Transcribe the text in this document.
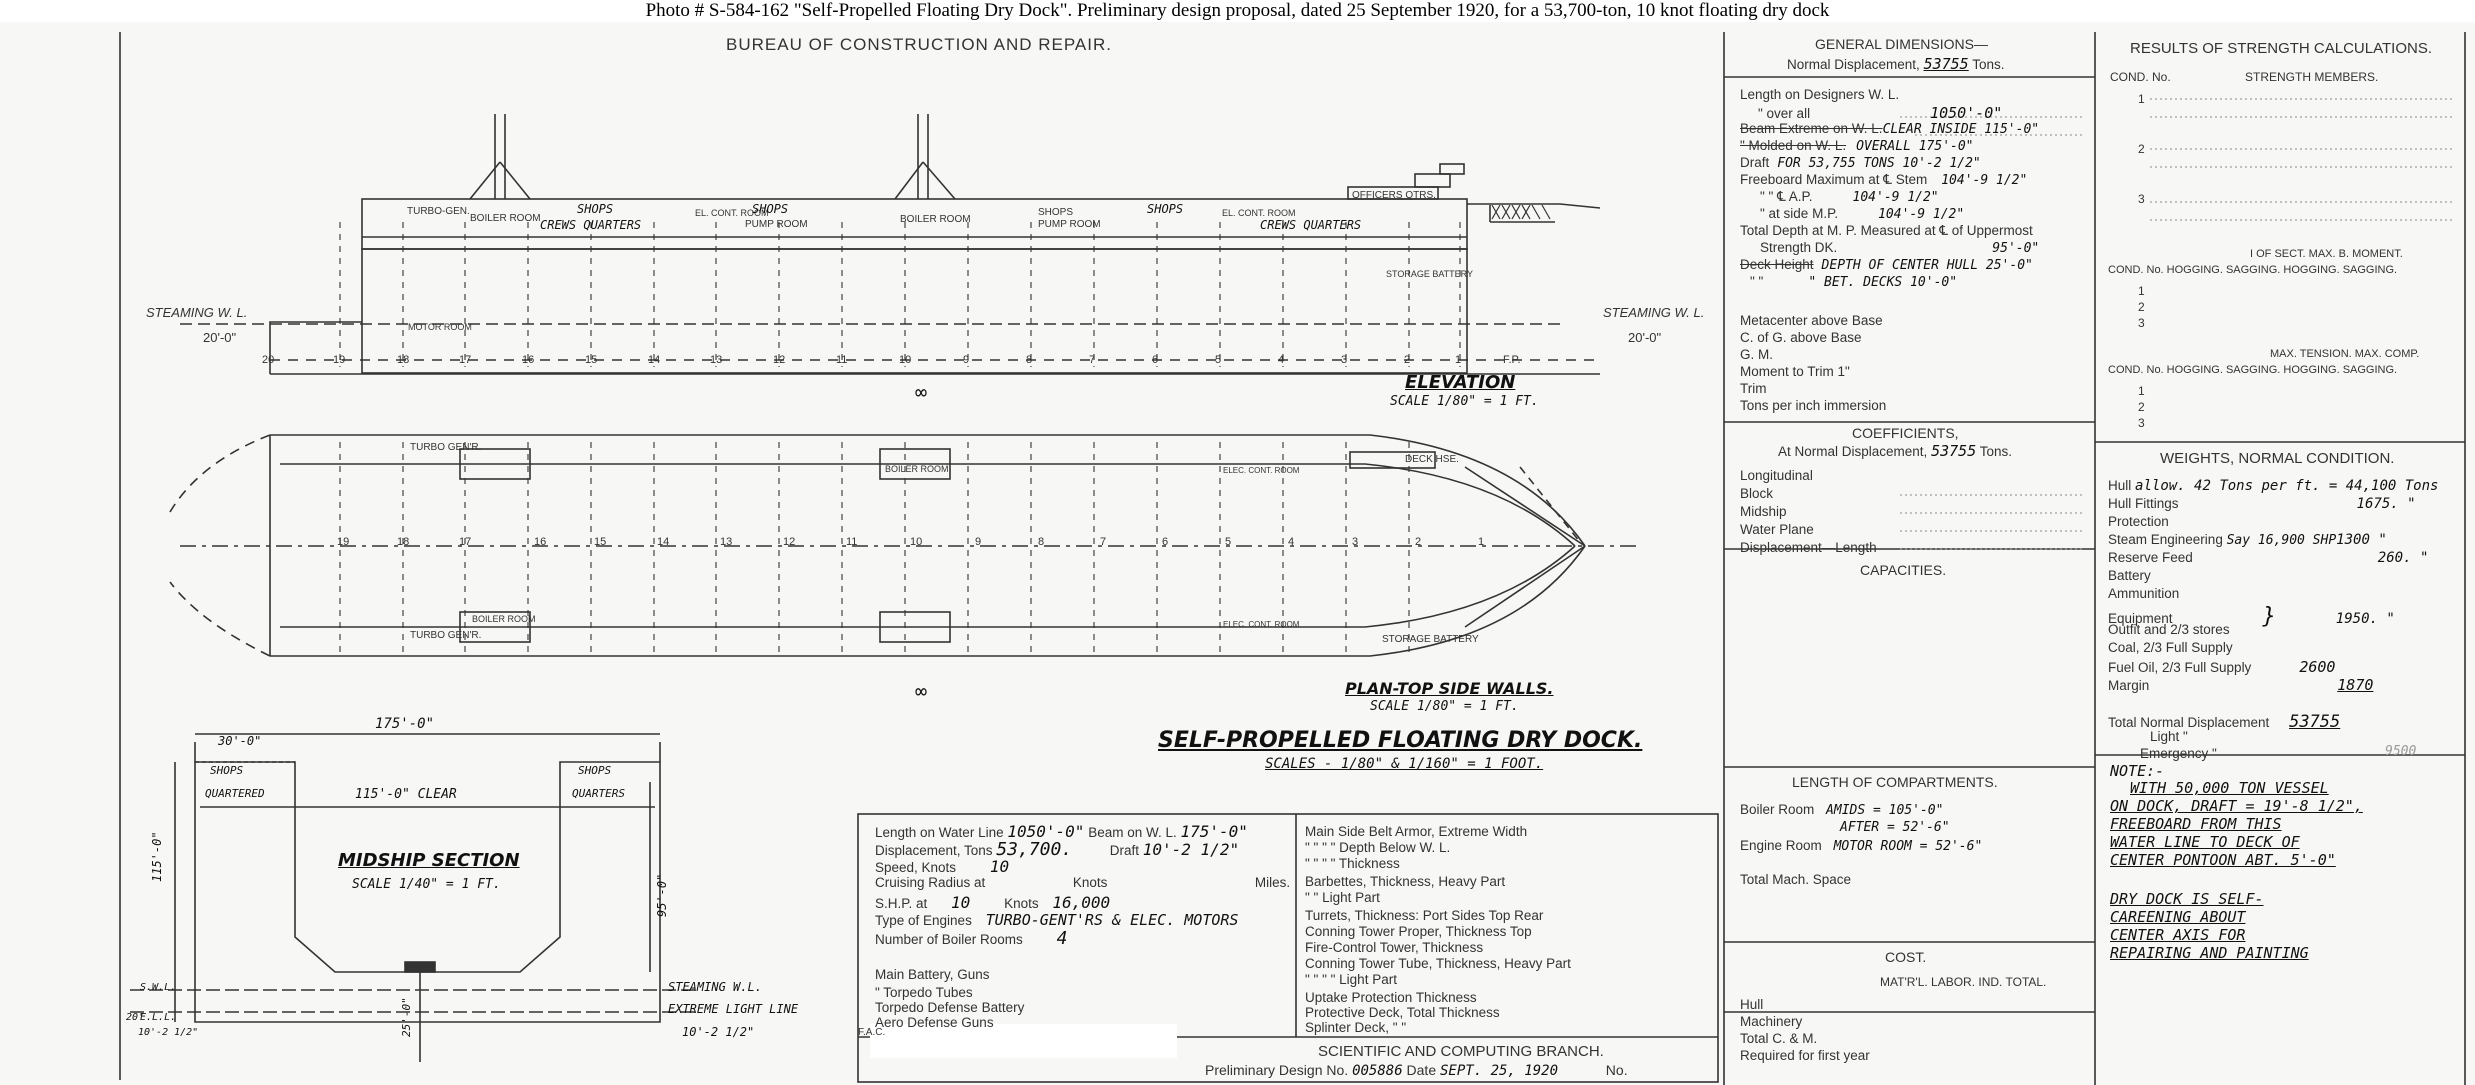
Photo # S-584-162 "Self-Propelled Floating Dry Dock". Preliminary design proposal, dated 25 September 1920, for a 53,700-ton, 10 knot floating dry dock
BUREAU OF CONSTRUCTION AND REPAIR.
STEAMING W. L.	STEAMING W. L.
20'-0"	20'-0"
TURBO-GEN.
BOILER ROOM
SHOPS
CREWS QUARTERS
EL. CONT. ROOM
SHOPS
PUMP ROOM	BOILER ROOM
SHOPS
PUMP ROOM
SHOPS	EL. CONT. ROOM
CREWS QUARTERS
OFFICERS QTRS.
STORAGE BATTERY
MOTOR ROOM
20	19	18	17	16	15	14	13	12	11	10	9	8	7	6	5	4	3	2	1	F.P.
ELEVATION
SCALE 1/80" = 1 FT.
∞
TURBO GEN'R.
BOILER ROOM	ELEC. CONT. ROOM
DECK HSE.
TURBO GEN'R.
BOILER ROOM
ELEC. CONT. ROOM
STORAGE BATTERY
19	18	17	16	15	14	13	12	11	10	9	8	7	6	5	4	3	2	1
∞	PLAN-TOP SIDE WALLS.
SCALE 1/80" = 1 FT.
SELF-PROPELLED FLOATING DRY DOCK.
SCALES - 1/80" & 1/160" = 1 FOOT.
175'-0"
30'-0"
115'-0" CLEAR
SHOPS
QUARTERED
SHOPS
QUARTERS
115'-0"
95'-0"
25'-0"
MIDSHIP SECTION
SCALE 1/40" = 1 FT.
STEAMING W.L.
EXTREME LIGHT LINE
10'-2 1/2"
S.W.L.
E.L.L.
20'
10'-2 1/2"
Length on Water Line 1050'-0" Beam on W. L. 175'-0"
Displacement, Tons 53,700.	Draft 10'-2 1/2"
Speed, Knots 10
Cruising Radius at	Knots	Miles.
S.H.P. at 10	Knots 16,000
Type of Engines TURBO-GENT'RS & ELEC. MOTORS
Number of Boiler Rooms 4
Main Battery, Guns
" Torpedo Tubes
Torpedo Defense Battery
Aero Defense Guns
F.A.C.
Main Side Belt Armor, Extreme Width
" " " " Depth Below W. L.
" " " " Thickness
Barbettes, Thickness, Heavy Part
" " Light Part
Turrets, Thickness: Port Sides Top Rear
Conning Tower Proper, Thickness Top
Fire-Control Tower, Thickness
Conning Tower Tube, Thickness, Heavy Part
" " " " Light Part
Uptake Protection Thickness
Protective Deck, Total Thickness
Splinter Deck, " "
SCIENTIFIC AND COMPUTING BRANCH.
Preliminary Design No. 005886 Date SEPT. 25, 1920	No.
GENERAL DIMENSIONS—
Normal Displacement, 53755 Tons.
Length on Designers W. L.
" over all	1050'-0"
Beam Extreme on W. L.CLEAR INSIDE 115'-0"
" Molded on W. L. OVERALL 175'-0"
Draft FOR 53,755 TONS 10'-2 1/2"
Freeboard Maximum at ℄ Stem 104'-9 1/2"
" " ℄ A.P.	104'-9 1/2"
" at side M.P.	104'-9 1/2"
Total Depth at M. P. Measured at ℄ of Uppermost
Strength DK.	95'-0"
Deck Height DEPTH OF CENTER HULL 25'-0"
" "	" BET. DECKS 10'-0"
Metacenter above Base
C. of G. above Base
G. M.
Moment to Trim 1"
Trim
Tons per inch immersion
COEFFICIENTS,
At Normal Displacement, 53755 Tons.
Longitudinal
Block
Midship
Water Plane
Displacement—Length
CAPACITIES.
LENGTH OF COMPARTMENTS.
Boiler Room AMIDS = 105'-0"
AFTER = 52'-6"
Engine Room MOTOR ROOM = 52'-6"
Total Mach. Space
COST.
MAT'R'L. LABOR. IND. TOTAL.
Hull
Machinery
Total C. & M.
Required for first year
RESULTS OF STRENGTH CALCULATIONS.
COND. No.	STRENGTH MEMBERS.
1
2
3
I OF SECT. MAX. B. MOMENT.
COND. No. HOGGING. SAGGING. HOGGING. SAGGING.
1
2
3
MAX. TENSION. MAX. COMP.
COND. No. HOGGING. SAGGING. HOGGING. SAGGING.
1
2
3
WEIGHTS, NORMAL CONDITION.
Hull allow. 42 Tons per ft. = 44,100 Tons
Hull Fittings	1675. "
Protection
Steam Engineering Say 16,900 SHP1300 "
Reserve Feed	260. "
Battery
Ammunition
Equipment	}	1950. "
Outfit and 2/3 stores
Coal, 2/3 Full Supply
Fuel Oil, 2/3 Full Supply	2600
Margin	1870
Total Normal Displacement 53755
Light "
Emergency "	9500
NOTE:-
WITH 50,000 TON VESSEL
ON DOCK, DRAFT = 19'-8 1/2",
FREEBOARD FROM THIS
WATER LINE TO DECK OF
CENTER PONTOON ABT. 5'-0"
DRY DOCK IS SELF-
CAREENING ABOUT
CENTER AXIS FOR
REPAIRING AND PAINTING
